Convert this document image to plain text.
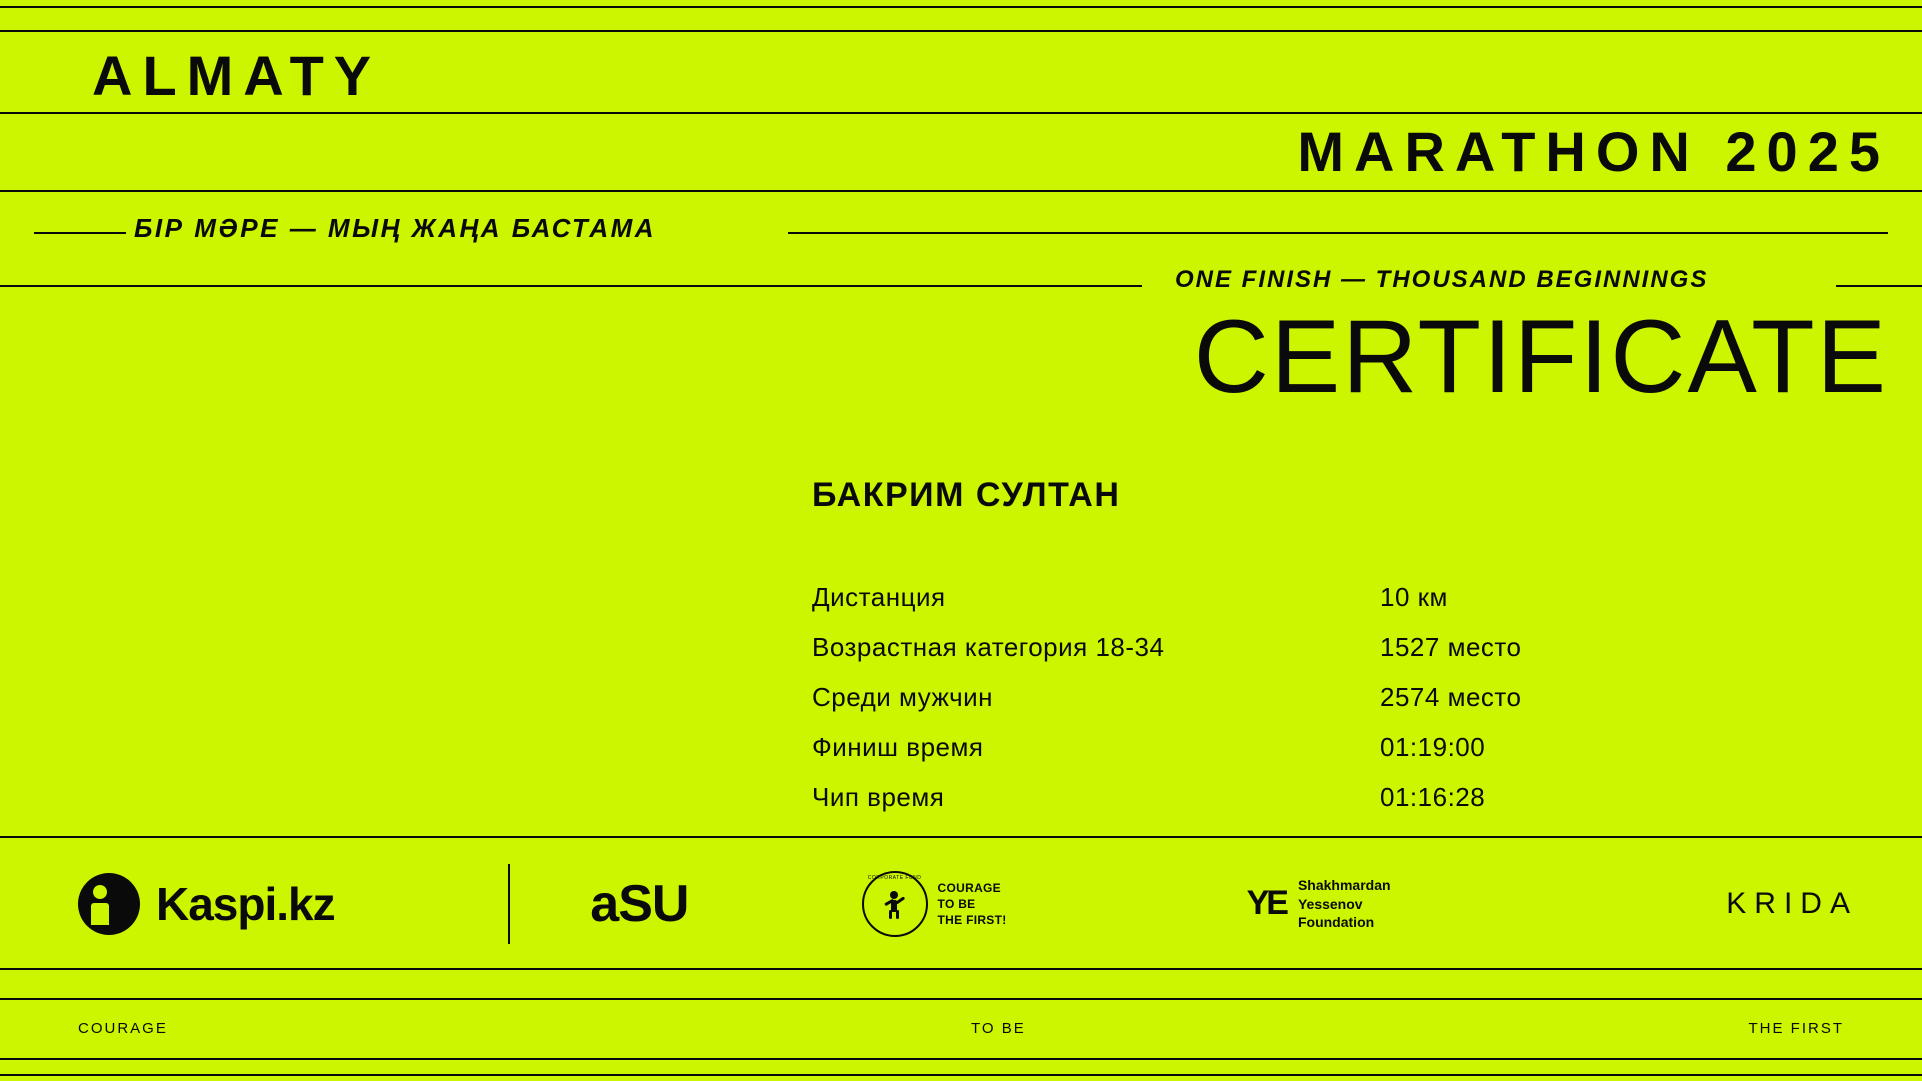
ALMATY
MARATHON 2025
БІР МӘРЕ — МЫҢ ЖАҢА БАСТАМА
ONE FINISH — THOUSAND BEGINNINGS
CERTIFICATE
БАКРИМ СУЛТАН
Дистанция	10 км
Возрастная категория 18-34	1527 место
Среди мужчин	2574 место
Финиш время	01:19:00
Чип время	01:16:28
Kaspi.kz	aSU	CORPORATE FUND
COURAGE
TO BE
THE FIRST!	YE Shakhmardan
Yessenov
Foundation
KRIDA
COURAGE	TO BE	THE FIRST
